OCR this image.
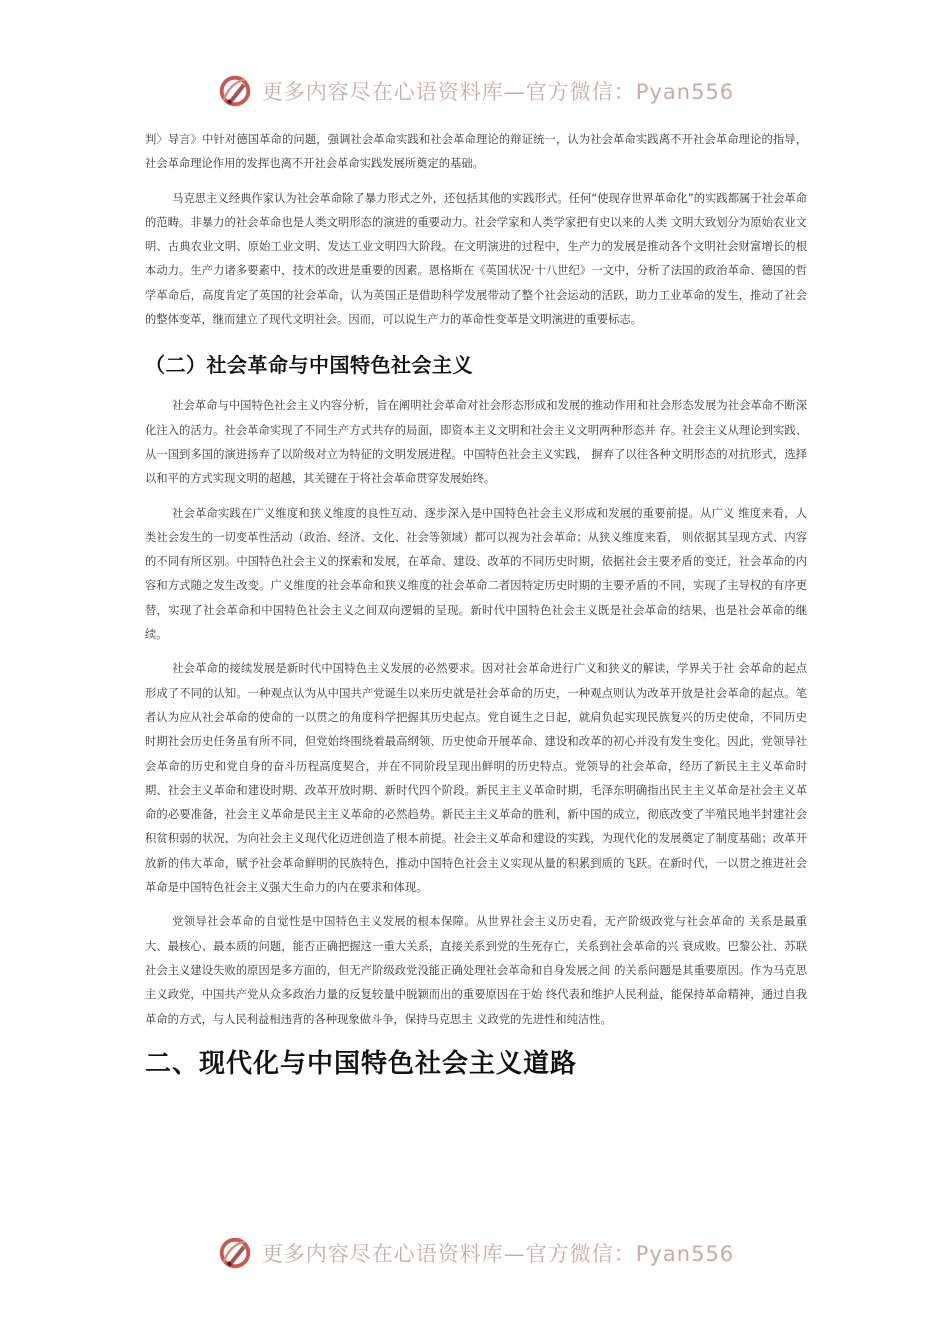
更多内容尽在心语资料库—官方微信：Pyan556

判〉导言》中针对德国革命的问题，强调社会革命实践和社会革命理论的辩证统一，认为社会革命实践离不开社会革命理论的指导，社会革命理论作用的发挥也离不开社会革命实践发展所奠定的基础。

马克思主义经典作家认为社会革命除了暴力形式之外，还包括其他的实践形式。任何“使现存世界革命化”的实践都属于社会革命的范畴。非暴力的社会革命也是人类文明形态的演进的重要动力。社会学家和人类学家把有史以来的人类 文明大致划分为原始农业文明、古典农业文明、原始工业文明、发达工业文明四大阶段。在文明演进的过程中，生产力的发展是推动各个文明社会财富增长的根本动力。生产力诸多要素中，技术的改进是重要的因素。恩格斯在《英国状况·十八世纪》一文中，分析了法国的政治革命、德国的哲学革命后，高度肯定了英国的社会革命，认为英国正是借助科学发展带动了整个社会运动的活跃，助力工业革命的发生，推动了社会的整体变革，继而建立了现代文明社会。因而，可以说生产力的革命性变革是文明演进的重要标志。

（二）社会革命与中国特色社会主义

社会革命与中国特色社会主义内容分析，旨在阐明社会革命对社会形态形成和发展的推动作用和社会形态发展为社会革命不断深化注入的活力。社会革命实现了不同生产方式共存的局面，即资本主义文明和社会主义文明两种形态并 存。社会主义从理论到实践、从一国到多国的演进扬弃了以阶级对立为特征的文明发展进程。中国特色社会主义实践， 摒弃了以往各种文明形态的对抗形式，选择以和平的方式实现文明的超越，其关键在于将社会革命贯穿发展始终。

社会革命实践在广义维度和狭义维度的良性互动、逐步深入是中国特色社会主义形成和发展的重要前提。从广义 维度来看，人类社会发生的一切变革性活动（政治、经济、文化、社会等领域）都可以视为社会革命；从狭义维度来看， 则依据其呈现方式、内容的不同有所区别。中国特色社会主义的探索和发展，在革命、建设、改革的不同历史时期，依据社会主要矛盾的变迁，社会革命的内容和方式随之发生改变。广义维度的社会革命和狭义维度的社会革命二者因特定历史时期的主要矛盾的不同，实现了主导权的有序更替，实现了社会革命和中国特色社会主义之间双向逻辑的呈现。新时代中国特色社会主义既是社会革命的结果，也是社会革命的继续。

社会革命的接续发展是新时代中国特色主义发展的必然要求。因对社会革命进行广义和狭义的解读，学界关于社 会革命的起点形成了不同的认知。一种观点认为从中国共产党诞生以来历史就是社会革命的历史，一种观点则认为改革开放是社会革命的起点。笔者认为应从社会革命的使命的一以贯之的角度科学把握其历史起点。党自诞生之日起，就肩负起实现民族复兴的历史使命，不同历史时期社会历史任务虽有所不同，但党始终围绕着最高纲领、历史使命开展革命、建设和改革的初心并没有发生变化。因此，党领导社会革命的历史和党自身的奋斗历程高度契合，并在不同阶段呈现出鲜明的历史特点。党领导的社会革命，经历了新民主主义革命时期、社会主义革命和建设时期、改革开放时期、新时代四个阶段。新民主主义革命时期，毛泽东明确指出民主主义革命是社会主义革命的必要准备，社会主义革命是民主主义革命的必然趋势。新民主主义革命的胜利，新中国的成立，彻底改变了半殖民地半封建社会积贫积弱的状况，为向社会主义现代化迈进创造了根本前提。社会主义革命和建设的实践，为现代化的发展奠定了制度基础；改革开放新的伟大革命，赋予社会革命鲜明的民族特色，推动中国特色社会主义实现从量的积累到质的飞跃。在新时代，一以贯之推进社会革命是中国特色社会主义强大生命力的内在要求和体现。

党领导社会革命的自觉性是中国特色主义发展的根本保障。从世界社会主义历史看，无产阶级政党与社会革命的 关系是最重大、最核心、最本质的问题，能否正确把握这一重大关系，直接关系到党的生死存亡，关系到社会革命的兴 衰成败。巴黎公社、苏联社会主义建设失败的原因是多方面的，但无产阶级政党没能正确处理社会革命和自身发展之间 的关系问题是其重要原因。作为马克思主义政党，中国共产党从众多政治力量的反复较量中脱颖而出的重要原因在于始 终代表和维护人民利益，能保持革命精神，通过自我革命的方式，与人民利益相违背的各种现象做斗争，保持马克思主 义政党的先进性和纯洁性。

二、现代化与中国特色社会主义道路
更多内容尽在心语资料库—官方微信：Pyan556
